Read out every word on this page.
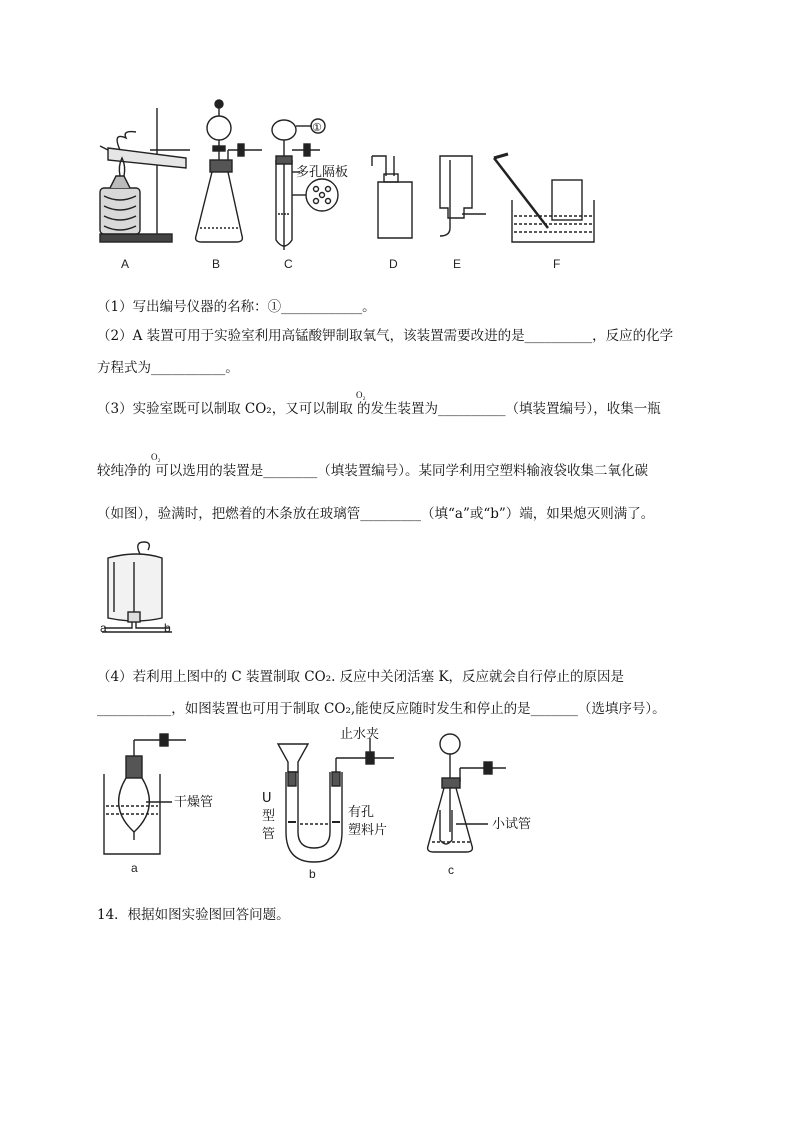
A	B	C	D	E	F
①
多孔隔板
（1）写出编号仪器的名称：①____________。
（2）A 装置可用于实验室利用高锰酸钾制取氧气，该装置需要改进的是__________，反应的化学
方程式为___________。
O₂
（3）实验室既可以制取 CO₂，又可以制取 的发生装置为__________（填装置编号），收集一瓶
O₂
较纯净的 可以选用的装置是________（填装置编号）。某同学利用空塑料输液袋收集二氧化碳
（如图），验满时，把燃着的木条放在玻璃管_________（填“a”或“b”）端，如果熄灭则满了。
a	b
（4）若利用上图中的 C 装置制取 CO₂. 反应中关闭活塞 K，反应就会自行停止的原因是
___________，如图装置也可用于制取 CO₂,能使反应随时发生和停止的是_______（选填序号）。
干燥管
a
止水夹
U
型
管
有孔
塑料片
b
小试管
c
14．根据如图实验图回答问题。
